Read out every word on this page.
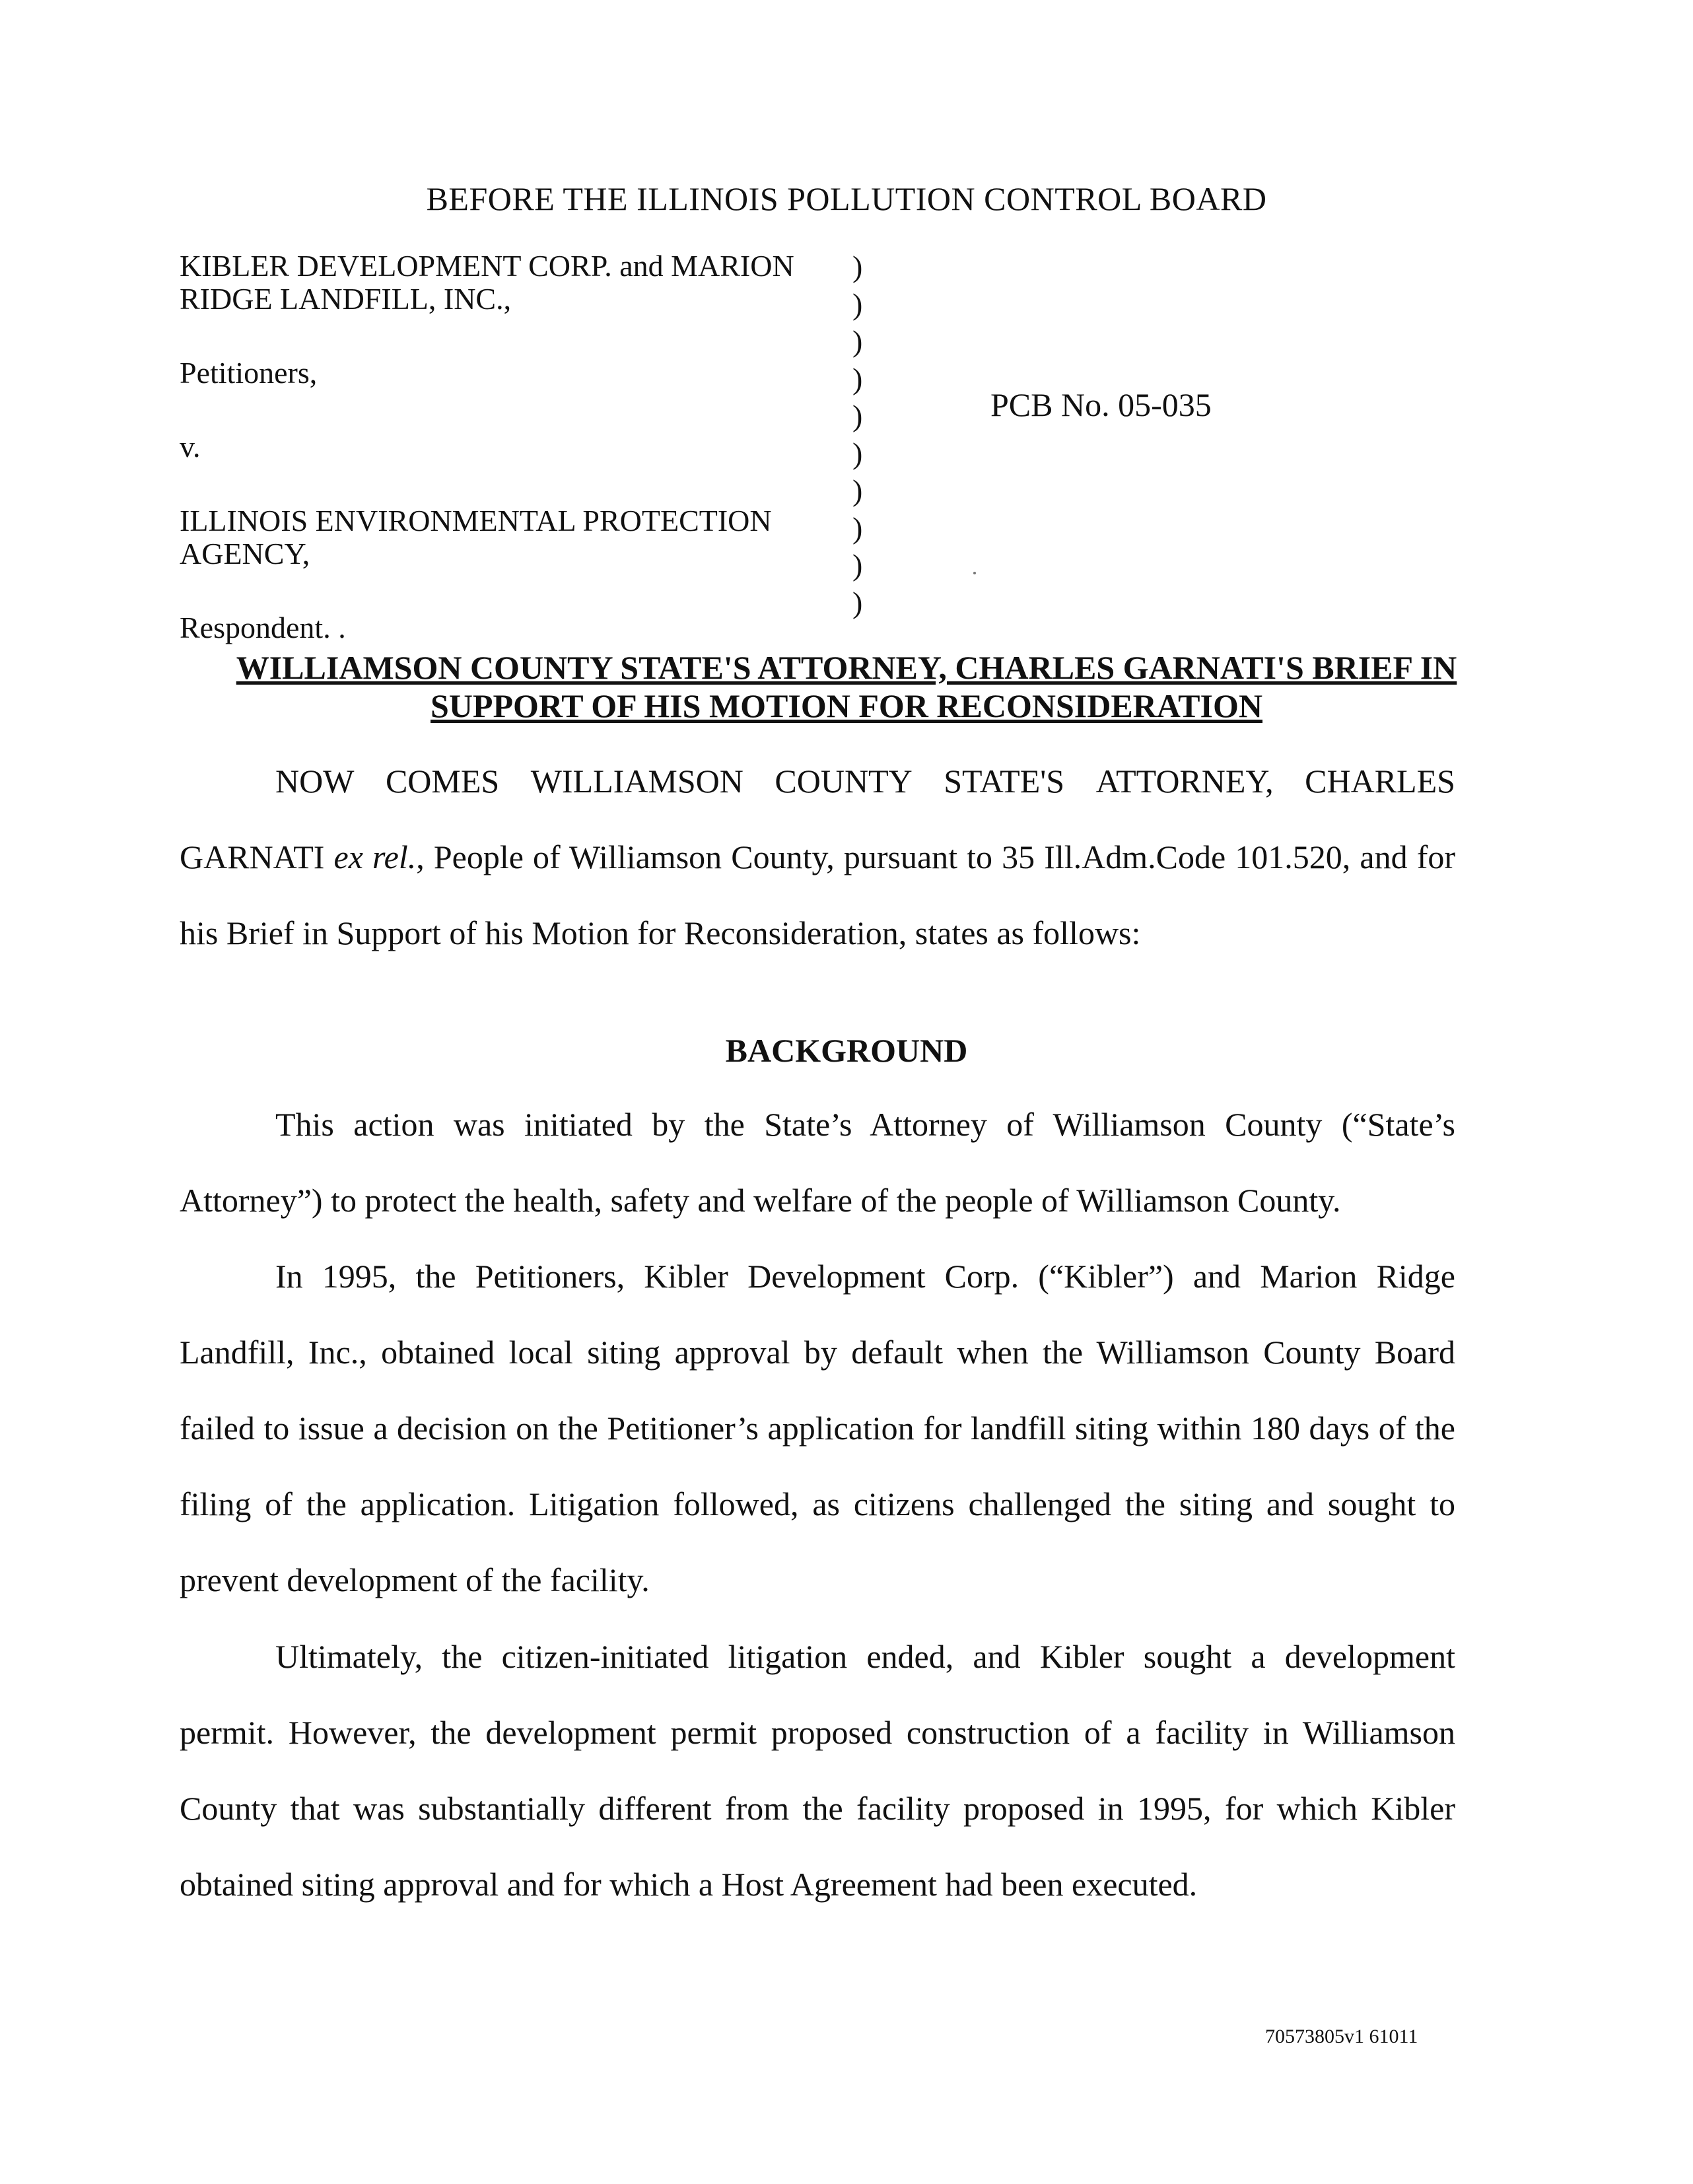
BEFORE THE ILLINOIS POLLUTION CONTROL BOARD
KIBLER DEVELOPMENT CORP. and MARION
RIDGE LANDFILL, INC.,
Petitioners,
v.
ILLINOIS ENVIRONMENTAL PROTECTION
AGENCY,
Respondent. .
)
)
)
)
)
)
)
)
)
)
PCB No. 05-035
WILLIAMSON COUNTY STATE'S ATTORNEY, CHARLES GARNATI'S BRIEF IN
SUPPORT OF HIS MOTION FOR RECONSIDERATION
NOW COMES WILLIAMSON COUNTY STATE'S ATTORNEY, CHARLES
GARNATI ex rel., People of Williamson County, pursuant to 35 Ill.Adm.Code 101.520, and for his Brief in Support of his Motion for Reconsideration, states as follows:
BACKGROUND
This action was initiated by the State’s Attorney of Williamson County (“State’s Attorney”) to protect the health, safety and welfare of the people of Williamson County.
In 1995, the Petitioners, Kibler Development Corp. (“Kibler”) and Marion Ridge Landfill, Inc., obtained local siting approval by default when the Williamson County Board failed to issue a decision on the Petitioner’s application for landfill siting within 180 days of the filing of the application. Litigation followed, as citizens challenged the siting and sought to prevent development of the facility.
Ultimately, the citizen-initiated litigation ended, and Kibler sought a development permit. However, the development permit proposed construction of a facility in Williamson County that was substantially different from the facility proposed in 1995, for which Kibler obtained siting approval and for which a Host Agreement had been executed.
70573805v1 61011
